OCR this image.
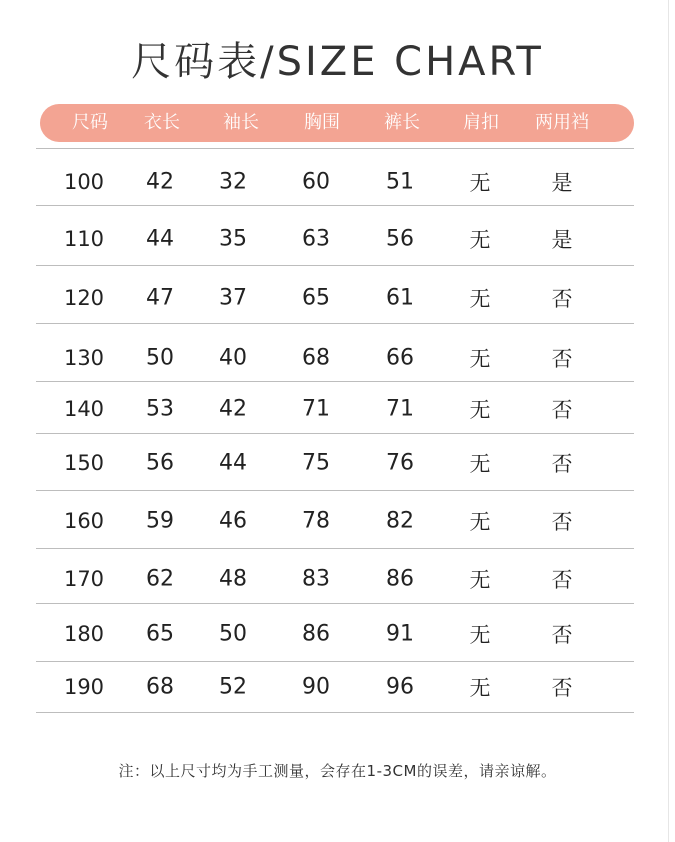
尺码表/SIZE CHART
尺码 衣长 袖长	胸围 裤长 肩扣 两用裆
100 42 32	60	51	无	是
110 44 35	63	56	无	是
120 47 37	65	61	无	否
130 50 40	68	66	无	否
140 53 42	71	71	无	否
150 56 44	75	76	无	否
160 59 46	78	82	无	否
170 62 48	83	86	无	否
180 65 50	86	91	无	否
190 68 52	90	96	无	否
注：以上尺寸均为手工测量，会存在1-3CM的误差，请亲谅解。
